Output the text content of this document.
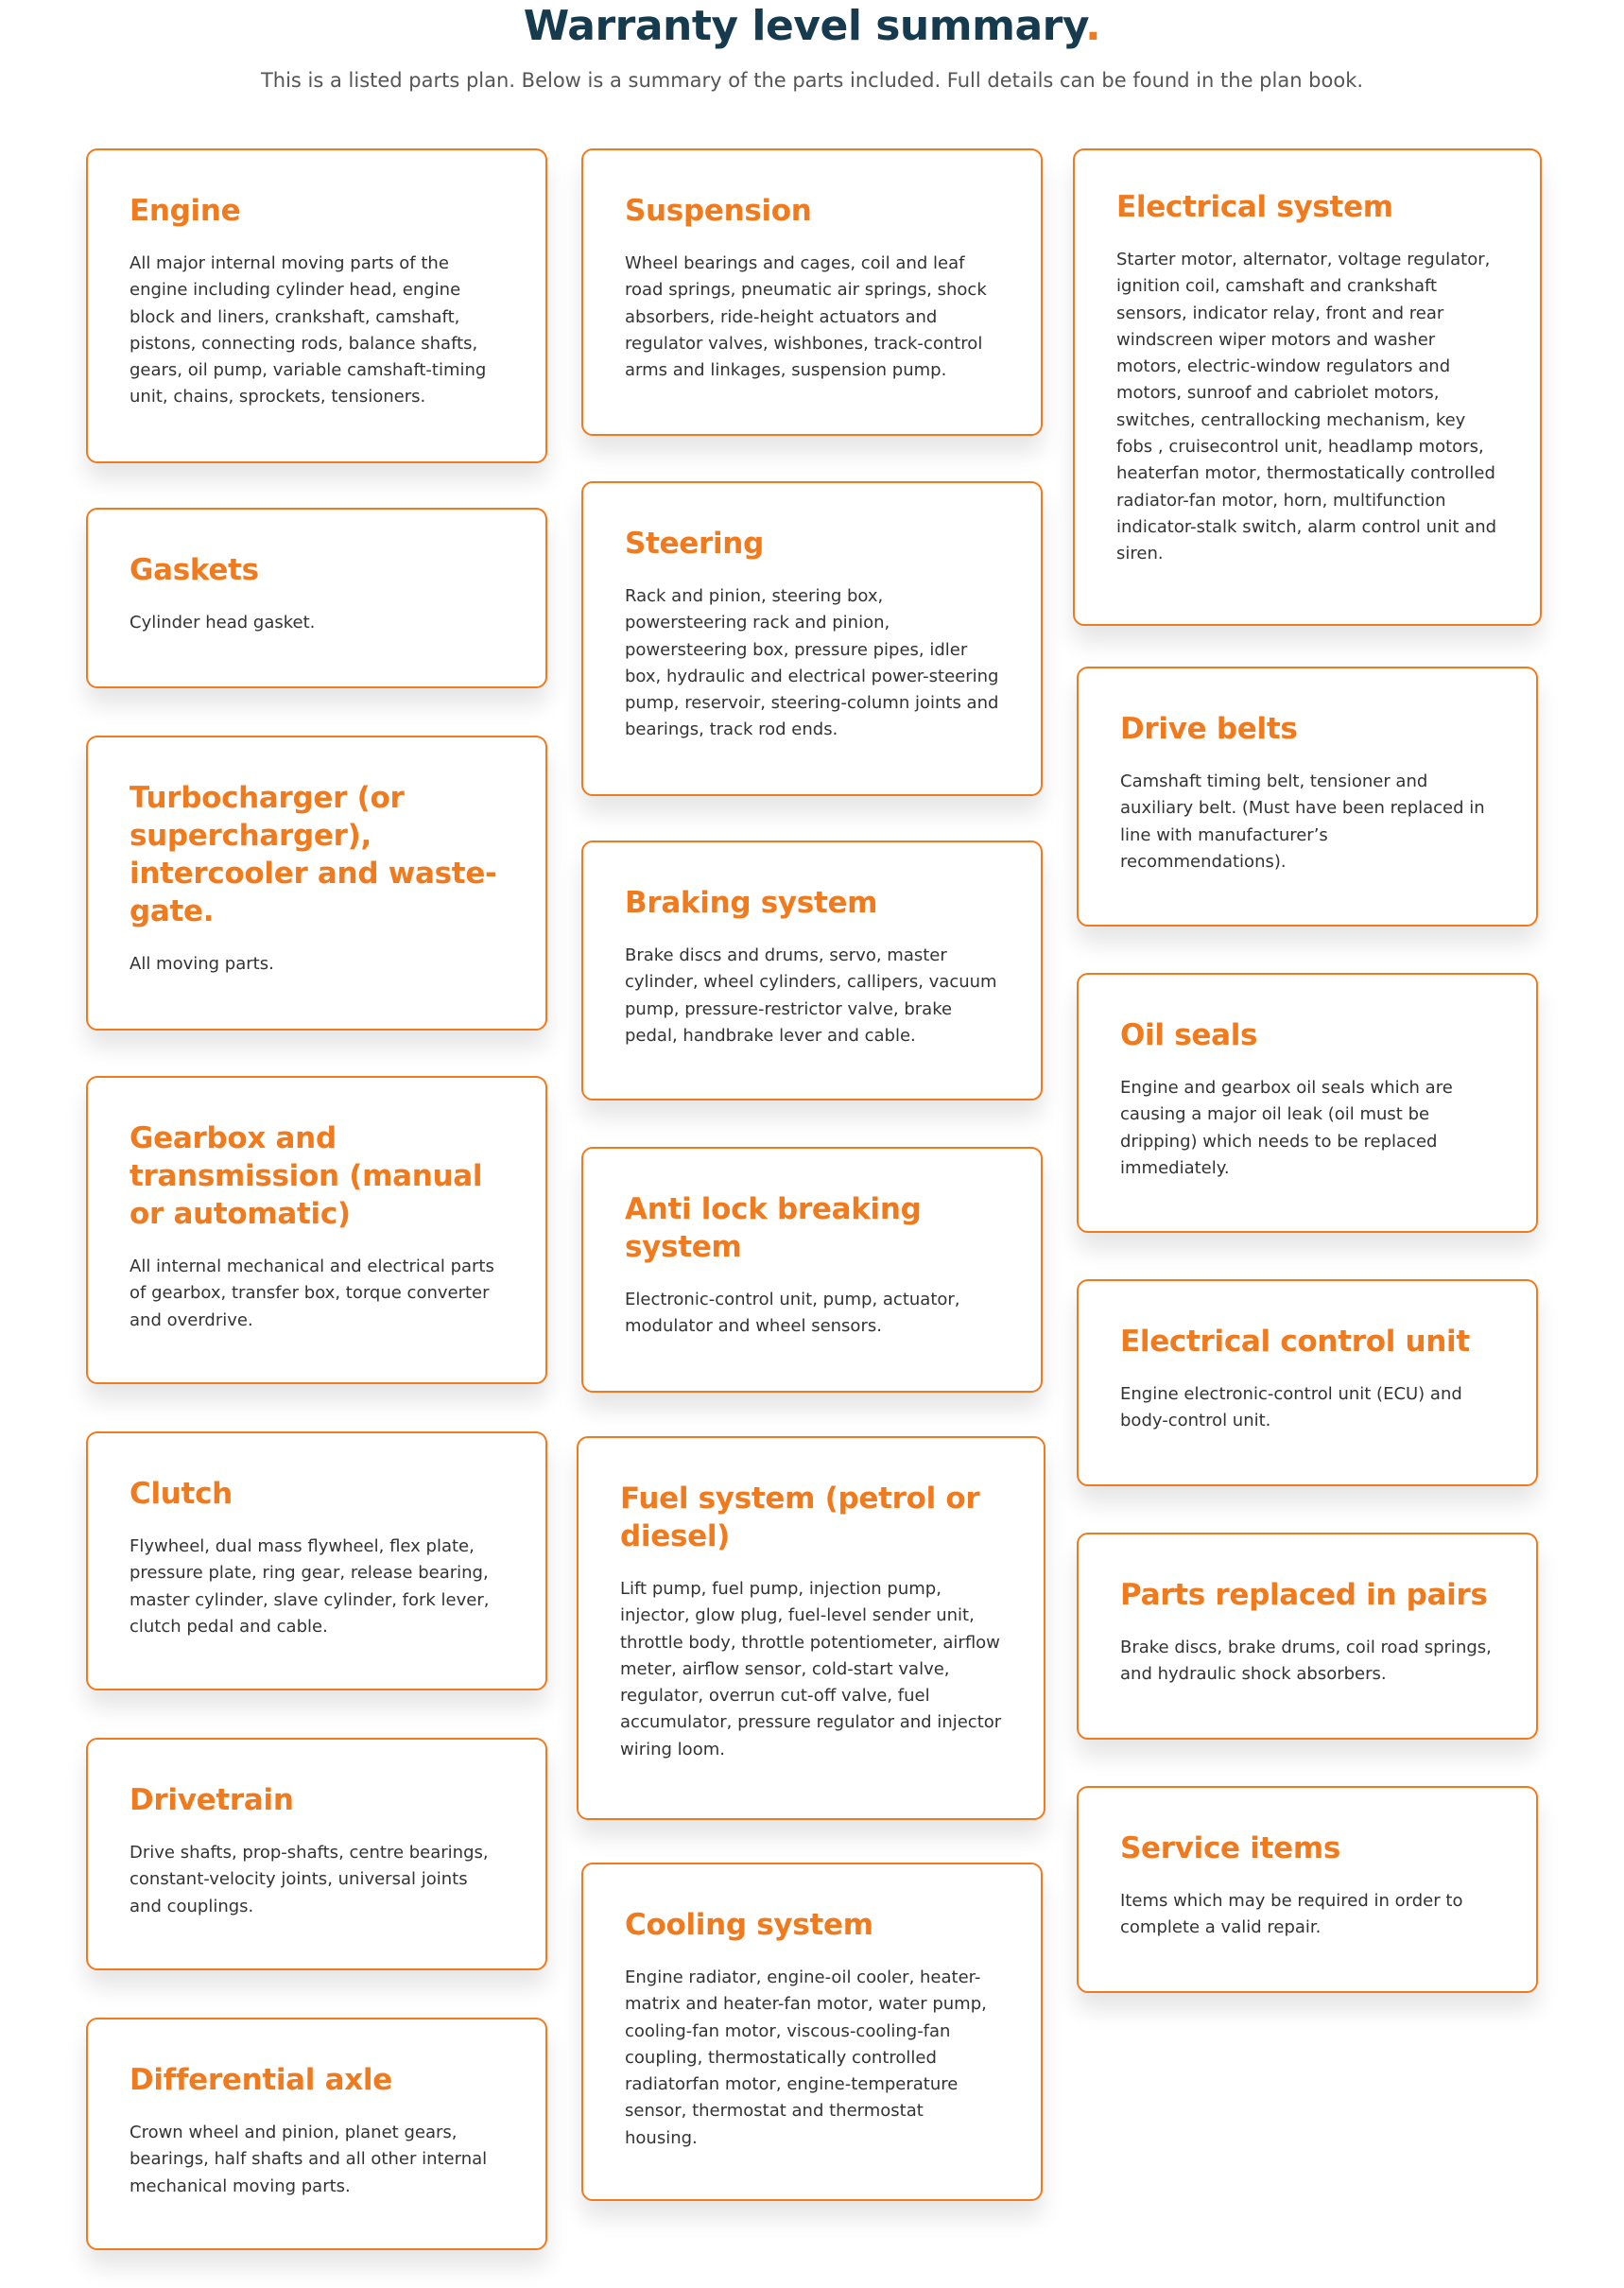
Warranty level summary.

This is a listed parts plan. Below is a summary of the parts included. Full details can be found in the plan book.

Engine

All major internal moving parts of the engine including cylinder head, engine block and liners, crankshaft, camshaft, pistons, connecting rods, balance shafts, gears, oil pump, variable camshaft-timing unit, chains, sprockets, tensioners.

Gaskets

Cylinder head gasket.

Turbocharger (or supercharger), intercooler and waste-gate.

All moving parts.

Gearbox and transmission (manual or automatic)

All internal mechanical and electrical parts of gearbox, transfer box, torque converter and overdrive.

Clutch

Flywheel, dual mass flywheel, flex plate, pressure plate, ring gear, release bearing, master cylinder, slave cylinder, fork lever, clutch pedal and cable.

Drivetrain

Drive shafts, prop-shafts, centre bearings, constant-velocity joints, universal joints and couplings.

Differential axle

Crown wheel and pinion, planet gears, bearings, half shafts and all other internal mechanical moving parts.

Suspension

Wheel bearings and cages, coil and leaf road springs, pneumatic air springs, shock absorbers, ride-height actuators and regulator valves, wishbones, track-control arms and linkages, suspension pump.

Steering

Rack and pinion, steering box, powersteering rack and pinion, powersteering box, pressure pipes, idler box, hydraulic and electrical power-steering pump, reservoir, steering-column joints and bearings, track rod ends.

Braking system

Brake discs and drums, servo, master cylinder, wheel cylinders, callipers, vacuum pump, pressure-restrictor valve, brake pedal, handbrake lever and cable.

Anti lock breaking system

Electronic-control unit, pump, actuator, modulator and wheel sensors.

Fuel system (petrol or diesel)

Lift pump, fuel pump, injection pump, injector, glow plug, fuel-level sender unit, throttle body, throttle potentiometer, airflow meter, airflow sensor, cold-start valve, regulator, overrun cut-off valve, fuel accumulator, pressure regulator and injector wiring loom.

Cooling system

Engine radiator, engine-oil cooler, heater-matrix and heater-fan motor, water pump, cooling-fan motor, viscous-cooling-fan coupling, thermostatically controlled radiatorfan motor, engine-temperature sensor, thermostat and thermostat housing.

Electrical system

Starter motor, alternator, voltage regulator, ignition coil, camshaft and crankshaft sensors, indicator relay, front and rear windscreen wiper motors and washer motors, electric-window regulators and motors, sunroof and cabriolet motors, switches, centrallocking mechanism, key fobs , cruisecontrol unit, headlamp motors, heaterfan motor, thermostatically controlled radiator-fan motor, horn, multifunction indicator-stalk switch, alarm control unit and siren.

Drive belts

Camshaft timing belt, tensioner and auxiliary belt. (Must have been replaced in line with manufacturer’s recommendations).

Oil seals

Engine and gearbox oil seals which are causing a major oil leak (oil must be dripping) which needs to be replaced immediately.

Electrical control unit

Engine electronic-control unit (ECU) and body-control unit.

Parts replaced in pairs

Brake discs, brake drums, coil road springs, and hydraulic shock absorbers.

Service items

Items which may be required in order to complete a valid repair.
